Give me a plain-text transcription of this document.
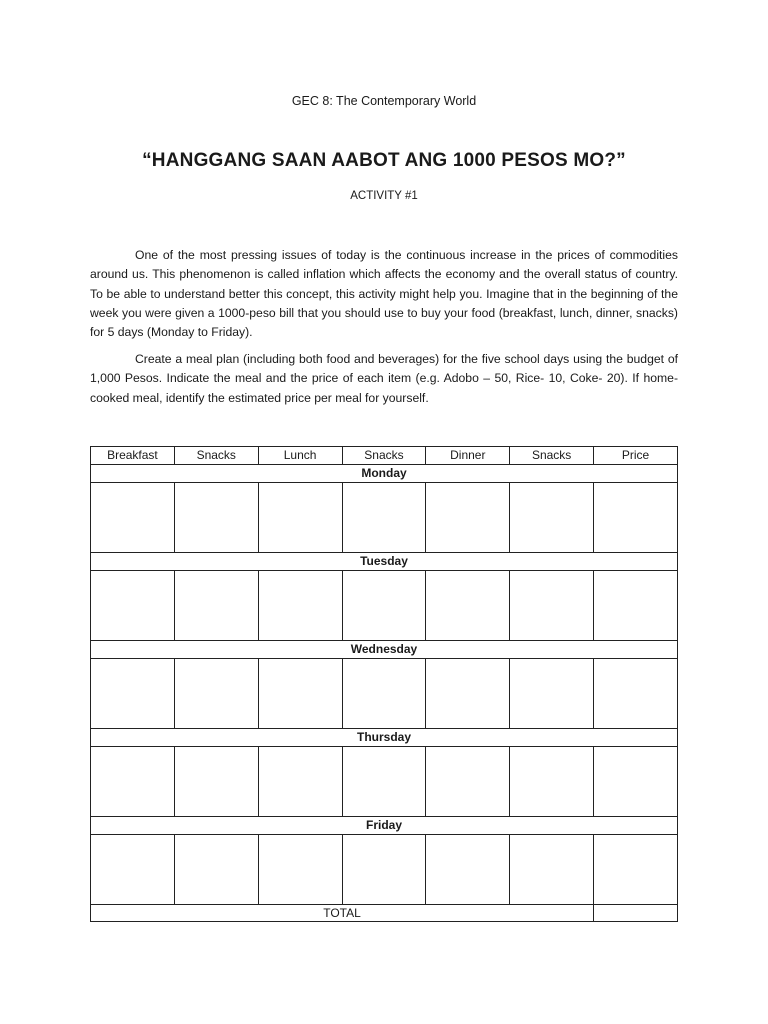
GEC 8: The Contemporary World
“HANGGANG SAAN AABOT ANG 1000 PESOS MO?”
ACTIVITY #1

One of the most pressing issues of today is the continuous increase in the prices of commodities around us. This phenomenon is called inflation which affects the economy and the overall status of country. To be able to understand better this concept, this activity might help you. Imagine that in the beginning of the week you were given a 1000-peso bill that you should use to buy your food (breakfast, lunch, dinner, snacks) for 5 days (Monday to Friday).

Create a meal plan (including both food and beverages) for the five school days using the budget of 1,000 Pesos. Indicate the meal and the price of each item (e.g. Adobo – 50, Rice- 10, Coke- 20). If home-cooked meal, identify the estimated price per meal for yourself.

Breakfast	Snacks	Lunch	Snacks	Dinner	Snacks	Price
Monday						

Tuesday						

Wednesday						

Thursday						

Friday						

TOTAL						
